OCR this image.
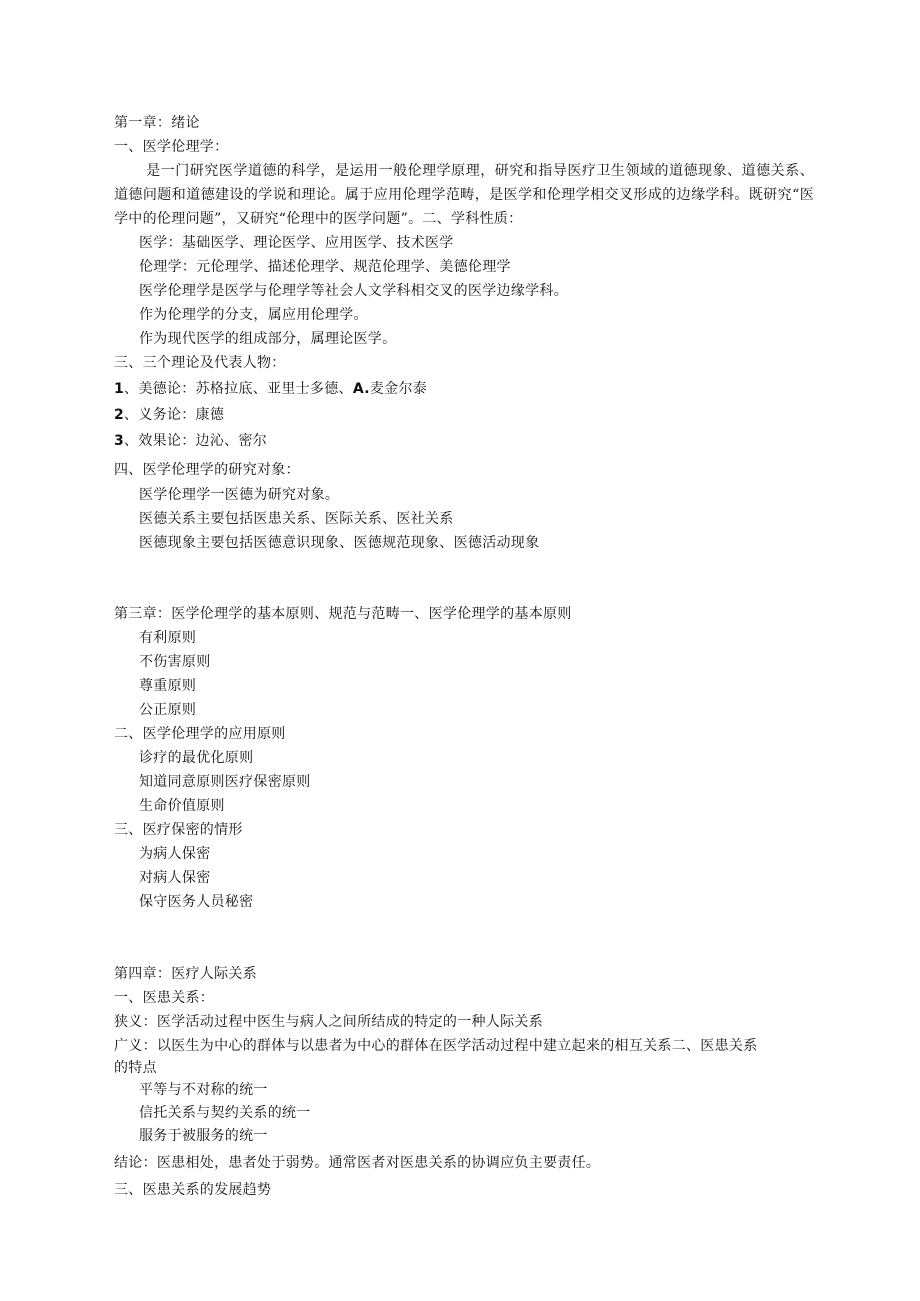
第一章：绪论
一、医学伦理学：
是一门研究医学道德的科学，是运用一般伦理学原理，研究和指导医疗卫生领域的道德现象、道德关系、道德问题和道德建设的学说和理论。属于应用伦理学范畴，是医学和伦理学相交叉形成的边缘学科。既研究“医学中的伦理问题”，又研究“伦理中的医学问题”。二、学科性质：
医学：基础医学、理论医学、应用医学、技术医学
伦理学：元伦理学、描述伦理学、规范伦理学、美德伦理学
医学伦理学是医学与伦理学等社会人文学科相交叉的医学边缘学科。
作为伦理学的分支，属应用伦理学。
作为现代医学的组成部分，属理论医学。
三、三个理论及代表人物：
1、美德论：苏格拉底、亚里士多德、A.麦金尔泰
2、义务论：康德
3、效果论：边沁、密尔
四、医学伦理学的研究对象：
医学伦理学一医德为研究对象。
医德关系主要包括医患关系、医际关系、医社关系
医德现象主要包括医德意识现象、医德规范现象、医德活动现象
第三章：医学伦理学的基本原则、规范与范畴一、医学伦理学的基本原则
有利原则
不伤害原则
尊重原则
公正原则
二、医学伦理学的应用原则
诊疗的最优化原则
知道同意原则医疗保密原则
生命价值原则
三、医疗保密的情形
为病人保密
对病人保密
保守医务人员秘密
第四章：医疗人际关系
一、医患关系：
狭义：医学活动过程中医生与病人之间所结成的特定的一种人际关系
广义：以医生为中心的群体与以患者为中心的群体在医学活动过程中建立起来的相互关系二、医患关系
的特点
平等与不对称的统一
信托关系与契约关系的统一
服务于被服务的统一
结论：医患相处，患者处于弱势。通常医者对医患关系的协调应负主要责任。
三、医患关系的发展趋势
